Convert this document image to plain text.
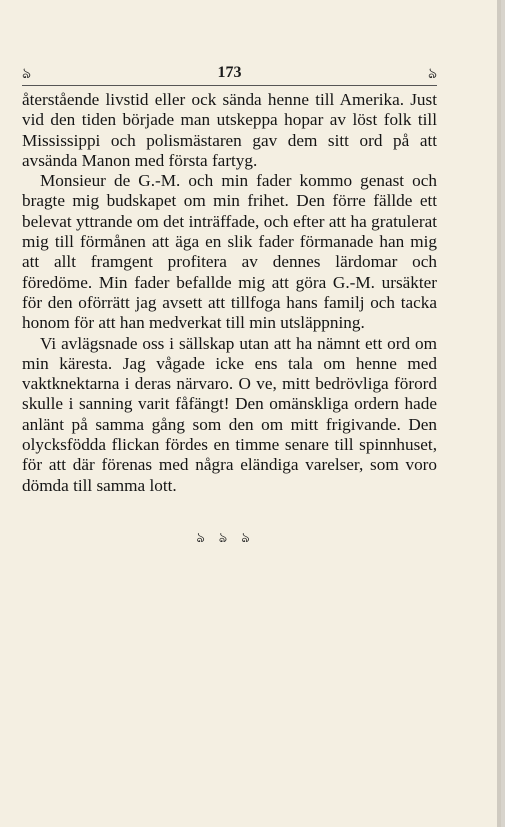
ঌ	173	ঌ

återstående livstid eller ock sända henne till Amerika. Just vid den tiden började man utskeppa hopar av löst folk till Mississippi och polismästaren gav dem sitt ord på att avsända Manon med första fartyg.

Monsieur de G.-M. och min fader kommo genast och bragte mig budskapet om min frihet. Den förre fällde ett belevat yttrande om det inträffade, och efter att ha gratulerat mig till förmånen att äga en slik fader förmanade han mig att allt framgent profitera av dennes lärdomar och föredöme. Min fader befallde mig att göra G.-M. ursäkter för den oförrätt jag avsett att tillfoga hans familj och tacka honom för att han medverkat till min utsläppning.

Vi avlägsnade oss i sällskap utan att ha nämnt ett ord om min käresta. Jag vågade icke ens tala om henne med vaktknektarna i deras närvaro. O ve, mitt bedrövliga förord skulle i sanning varit fåfängt! Den omänskliga ordern hade anlänt på samma gång som den om mitt frigivande. Den olycksfödda flickan fördes en timme senare till spinnhuset, för att där förenas med några eländiga varelser, som voro dömda till samma lott.

ঌঌঌ
